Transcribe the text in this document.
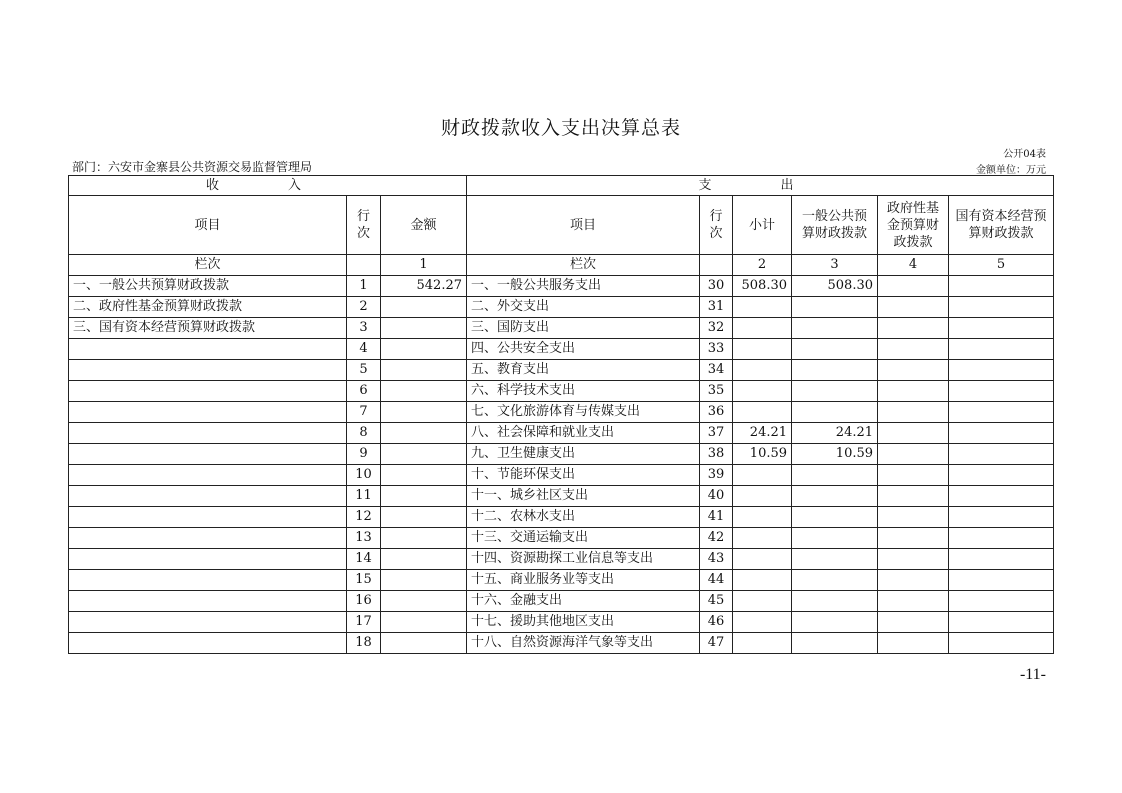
财政拨款收入支出决算总表
公开04表
部门：六安市金寨县公共资源交易监督管理局	金额单位：万元
收　入			支　出					
项目	行次	金额	项目	行次	小计	一般公共预算财政拨款	政府性基金预算财政拨款	国有资本经营预算财政拨款
栏次		1	栏次		2	3	4	5
一、一般公共预算财政拨款	1	542.27	一、一般公共服务支出	30	508.30	508.30		
二、政府性基金预算财政拨款	2		二、外交支出	31				
三、国有资本经营预算财政拨款	3		三、国防支出	32				
	4		四、公共安全支出	33				
	5		五、教育支出	34				
	6		六、科学技术支出	35				
	7		七、文化旅游体育与传媒支出	36				
	8		八、社会保障和就业支出	37	24.21	24.21		
	9		九、卫生健康支出	38	10.59	10.59		
	10		十、节能环保支出	39				
	11		十一、城乡社区支出	40				
	12		十二、农林水支出	41				
	13		十三、交通运输支出	42				
	14		十四、资源勘探工业信息等支出	43				
	15		十五、商业服务业等支出	44				
	16		十六、金融支出	45				
	17		十七、援助其他地区支出	46				
	18		十八、自然资源海洋气象等支出	47				
-11-
